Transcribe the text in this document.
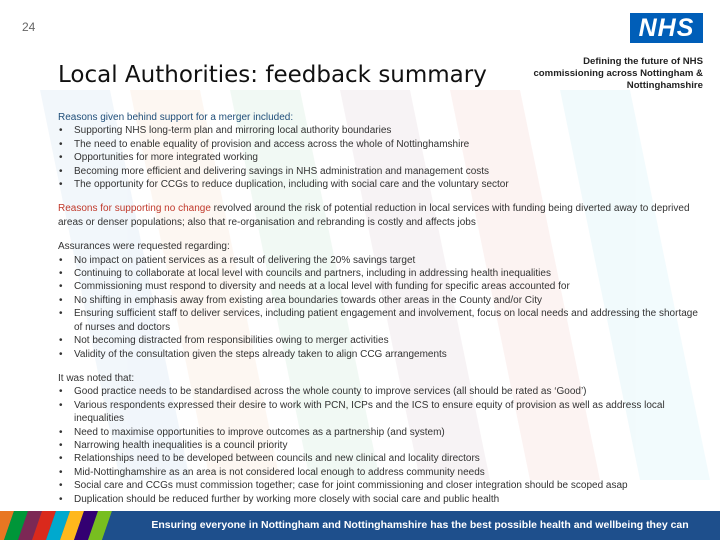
24	NHS
Local Authorities: feedback summary
Defining the future of NHS
commissioning across Nottingham &
Nottinghamshire
Reasons given behind support for a merger included:
• Supporting NHS long-term plan and mirroring local authority boundaries
• The need to enable equality of provision and access across the whole of Nottinghamshire
• Opportunities for more integrated working
• Becoming more efficient and delivering savings in NHS administration and management costs
• The opportunity for CCGs to reduce duplication, including with social care and the voluntary sector

Reasons for supporting no change revolved around the risk of potential reduction in local services with funding being diverted away to deprived areas or denser populations; also that re-organisation and rebranding is costly and affects jobs

Assurances were requested regarding:
• No impact on patient services as a result of delivering the 20% savings target
• Continuing to collaborate at local level with councils and partners, including in addressing health inequalities
• Commissioning must respond to diversity and needs at a local level with funding for specific areas accounted for
• No shifting in emphasis away from existing area boundaries towards other areas in the County and/or City
• Ensuring sufficient staff to deliver services, including patient engagement and involvement, focus on local needs and addressing the shortage of nurses and doctors
• Not becoming distracted from responsibilities owing to merger activities
• Validity of the consultation given the steps already taken to align CCG arrangements
It was noted that:
• Good practice needs to be standardised across the whole county to improve services (all should be rated as ‘Good’)
• Various respondents expressed their desire to work with PCN, ICPs and the ICS to ensure equity of provision as well as address local inequalities
• Need to maximise opportunities to improve outcomes as a partnership (and system)
• Narrowing health inequalities is a council priority
• Relationships need to be developed between councils and new clinical and locality directors
• Mid-Nottinghamshire as an area is not considered local enough to address community needs
• Social care and CCGs must commission together; case for joint commissioning and closer integration should be scoped asap
• Duplication should be reduced further by working more closely with social care and public health
Ensuring everyone in Nottingham and Nottinghamshire has the best possible health and wellbeing they can
